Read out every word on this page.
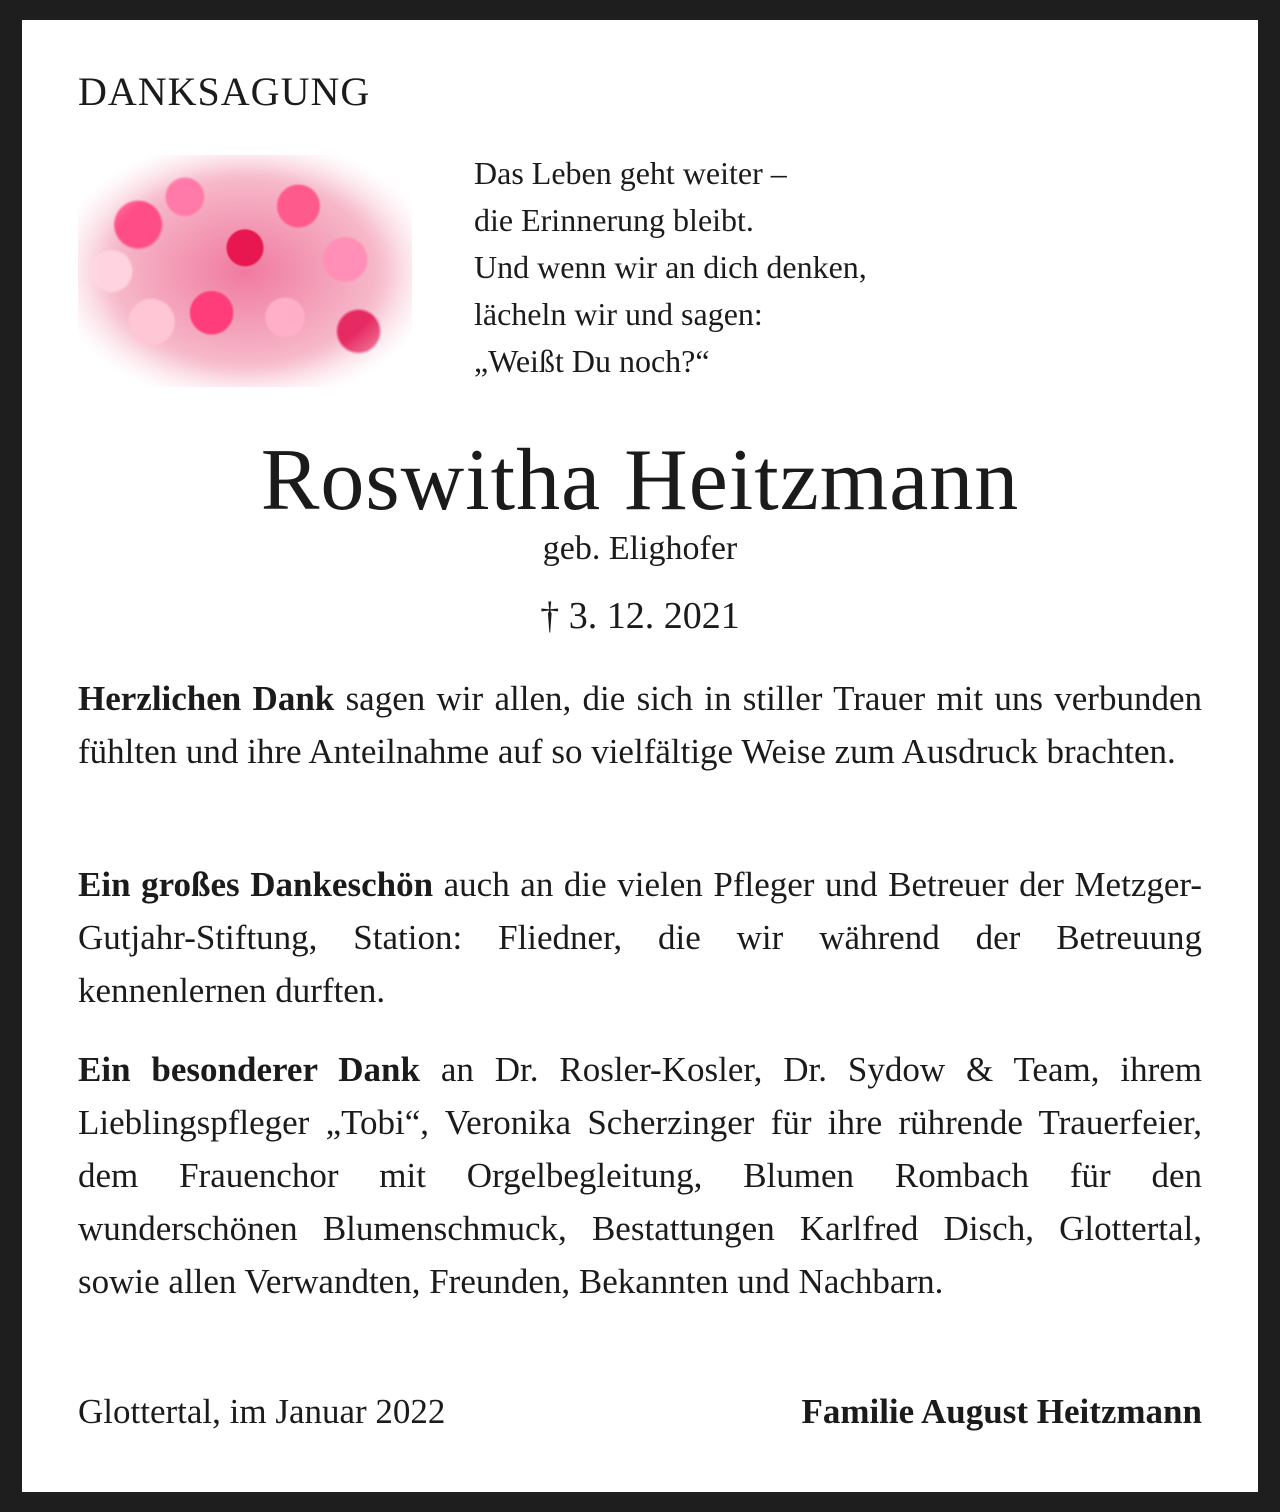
DANKSAGUNG
Das Leben geht weiter –
die Erinnerung bleibt.
Und wenn wir an dich denken,
lächeln wir und sagen:
„Weißt Du noch?“
Roswitha Heitzmann
geb. Elighofer
† 3. 12. 2021
Herzlichen Dank sagen wir allen, die sich in stiller Trauer mit uns verbunden fühlten und ihre Anteilnahme auf so vielfältige Weise zum Ausdruck brachten.
Ein großes Dankeschön auch an die vielen Pfleger und Betreuer der Metzger-Gutjahr-Stiftung, Station: Fliedner, die wir während der Betreuung kennenlernen durften.
Ein besonderer Dank an Dr. Rosler-Kosler, Dr. Sydow & Team, ihrem Lieblingspfleger „Tobi“, Veronika Scherzinger für ihre rührende Trauerfeier, dem Frauenchor mit Orgelbegleitung, Blumen Rombach für den wunderschönen Blumenschmuck, Bestattungen Karlfred Disch, Glottertal, sowie allen Verwandten, Freunden, Bekannten und Nachbarn.
Glottertal, im Januar 2022	Familie August Heitzmann
